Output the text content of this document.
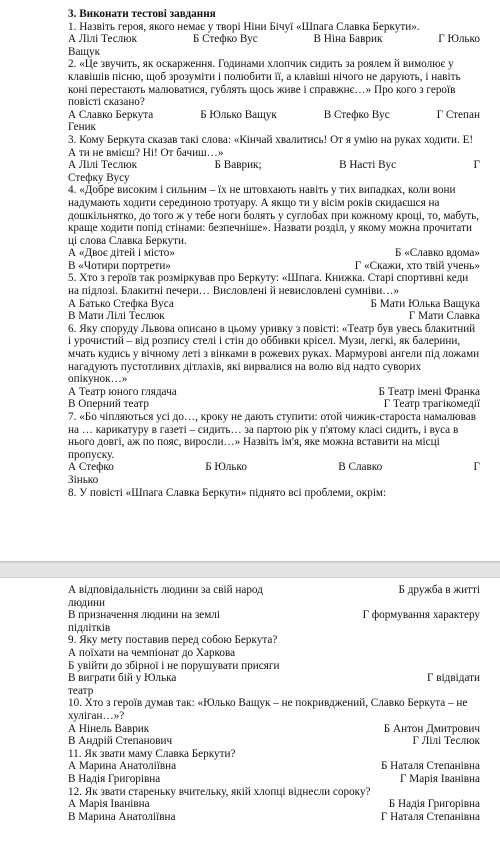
3. Виконати тестові завдання

1. Назвіть героя, якого немає у творі Ніни Бічуї «Шпага Славка Беркути».

А Лілі Теслюк	Б Стефко Вус	В Ніна Баврик	Г Юлько
Ващук

2. «Це звучить, як оскарження. Годинами хлопчик сидить за роялем й вимолює у клавішів пісню, щоб зрозуміти і полюбити її, а клавіші нічого не дарують, і навіть коні перестають малюватися, гублять щось живе і справжнє…» Про кого з героїв повісті сказано?

А Славко Беркута	Б Юлько Ващук	В Стефко Вус	Г Степан
Геник

3. Кому Беркута сказав такі слова: «Кінчай хвалитись! От я умію на руках ходити. Е! А ти не вмієш? Ні! От бачиш…»

А Лілі Теслюк	Б Ваврик;	В Насті Вус	Г
Стефку Вусу

4. «Добре високим і сильним – їх не штовхають навіть у тих випадках, коли вони надумають ходити серединою тротуару. А якщо ти у вісім років скидаєшся на дошкільнятко, до того ж у тебе ноги болять у суглобах при кожному кроці, то, мабуть, краще ходити попід стінами: безпечніше». Назвати розділ, у якому можна прочитати ці слова Славка Беркути.

А «Двоє дітей і місто»	Б «Славко вдома»
В «Чотири портрети»	Г «Скажи, хто твій учень»

5. Хто з героїв так розміркував про Беркуту: «Шпага. Книжка. Старі спортивні кеди на підлозі. Блакитні печери… Висловлені й невисловлені сумніви…»

А Батько Стефка Вуса	Б Мати Юлька Ващука
В Мати Лілі Теслюк	Г Мати Славка

6. Яку споруду Львова описано в цьому уривку з повісті: «Театр був увесь блакитний і урочистий – від розпису стелі і стін до оббивки крісел. Музи, легкі, як балерини, мчать кудись у вічному леті з вінками в рожевих руках. Мармурові ангели під ложами нагадують пустотливих дітлахів, які вирвалися на волю від надто суворих опікунок…»

А Театр юного глядача	Б Театр імені Франка
В Оперний театр	Г Театр трагікомедії

7. «Бо чіпляються усі до…, кроку не дають ступити: отой чижик-староста намалював на … карикатуру в газеті – сидить… за партою рік у п'ятому класі сидить, і вуса в нього довгі, аж по пояс, виросли…» Назвіть ім'я, яке можна вставити на місці пропуску.

А Стефко	Б Юлько	В Славко	Г
Зінько

8. У повісті «Шпага Славка Беркути» піднято всі проблеми, окрім:

А відповідальність людини за свій народ	Б дружба в житті
людини
В призначення людини на землі	Г формування характеру
підлітків

9. Яку мету поставив перед собою Беркута?

А поїхати на чемпіонат до Харкова
Б увійти до збірної і не порушувати присяги
В виграти бій у Юлька	Г відвідати
театр

10. Хто з героїв думав так: «Юлько Ващук – не покривджений, Славко Беркута – не хуліган…»?

А Нінель Ваврик	Б Антон Дмитрович
В Андрій Степанович	Г Лілі Теслюк

11. Як звати маму Славка Беркути?

А Марина Анатоліївна	Б Наталя Степанівна
В Надія Григорівна	Г Марія Іванівна

12. Як звати старенькy вчительку, якій хлопці віднесли сороку?

А Марія Іванівна	Б Надія Григорівна
В Марина Анатоліївна	Г Наталя Степанівна
